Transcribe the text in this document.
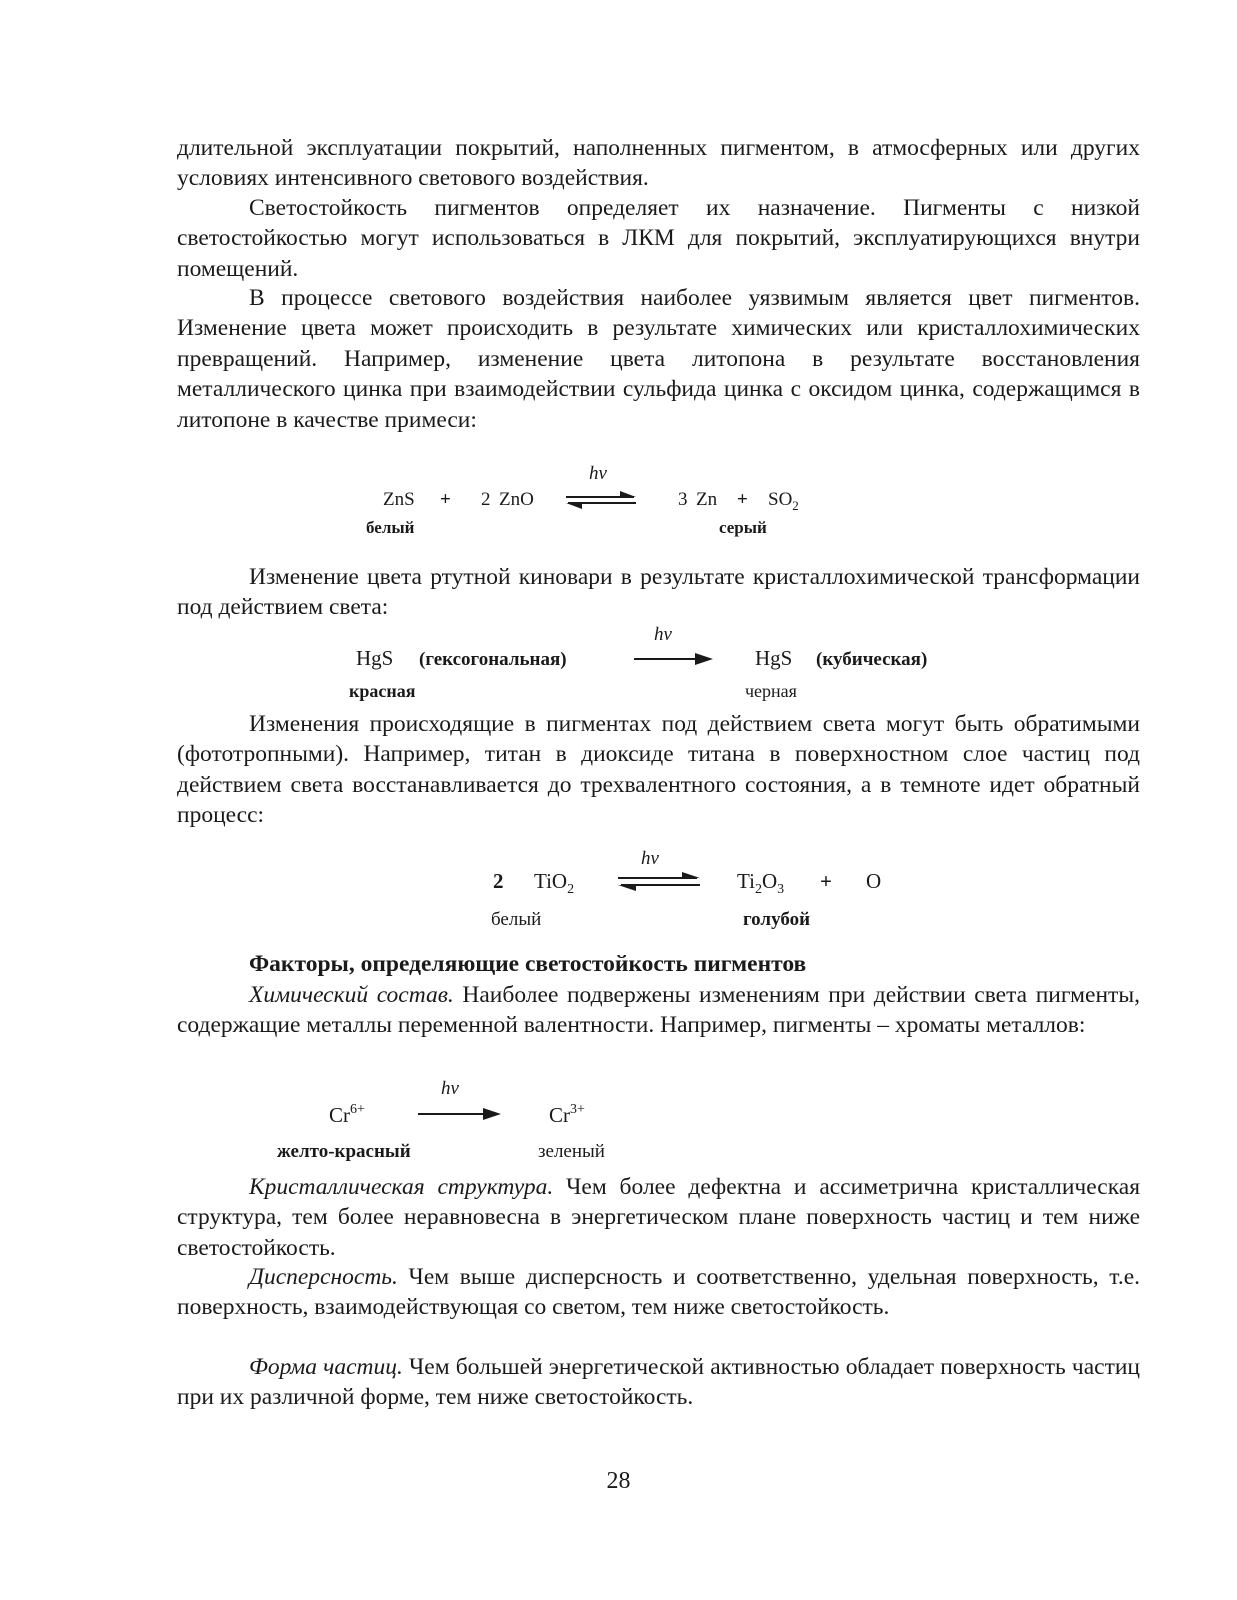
длительной эксплуатации покрытий, наполненных пигментом, в атмосферных или других условиях интенсивного светового воздействия.

Светостойкость пигментов определяет их назначение. Пигменты с низкой светостойкостью могут использоваться в ЛКМ для покрытий, эксплуатирующихся внутри помещений.

В процессе светового воздействия наиболее уязвимым является цвет пигментов. Изменение цвета может происходить в результате химических или кристаллохимических превращений. Например, изменение цвета литопона в результате восстановления металлического цинка при взаимодействии сульфида цинка с оксидом цинка, содержащимся в литопоне в качестве примеси:

Изменение цвета ртутной киновари в результате кристаллохимической трансформации под действием света:

Изменения происходящие в пигментах под действием света могут быть обратимыми (фототропными). Например, титан в диоксиде титана в поверхностном слое частиц под действием света восстанавливается до трехвалентного состояния, а в темноте идет обратный процесс:

Факторы, определяющие светостойкость пигментов

Химический состав. Наиболее подвержены изменениям при действии света пигменты, содержащие металлы переменной валентности. Например, пигменты – хроматы металлов:

Кристаллическая структура. Чем более дефектна и ассиметрична кристаллическая структура, тем более неравновесна в энергетическом плане поверхность частиц и тем ниже светостойкость.

Дисперсность. Чем выше дисперсность и соответственно, удельная поверхность, т.е. поверхность, взаимодействующая со светом, тем ниже светостойкость.

Форма частиц. Чем большей энергетической активностью обладает поверхность частиц при их различной форме, тем ниже светостойкость.

ZnS + 2 ZnO
hν
3 $Zn + SO_2$
белый	серый
HgS (гексогональная)
hν
HgS (кубическая)
красная	черная
2 TiO$_2$
hν
$Ti_2O_3 + O$
белый	голубой
$Cr^{6+}$
hν
$Cr^{3+}$
желто-красный	зеленый

28
